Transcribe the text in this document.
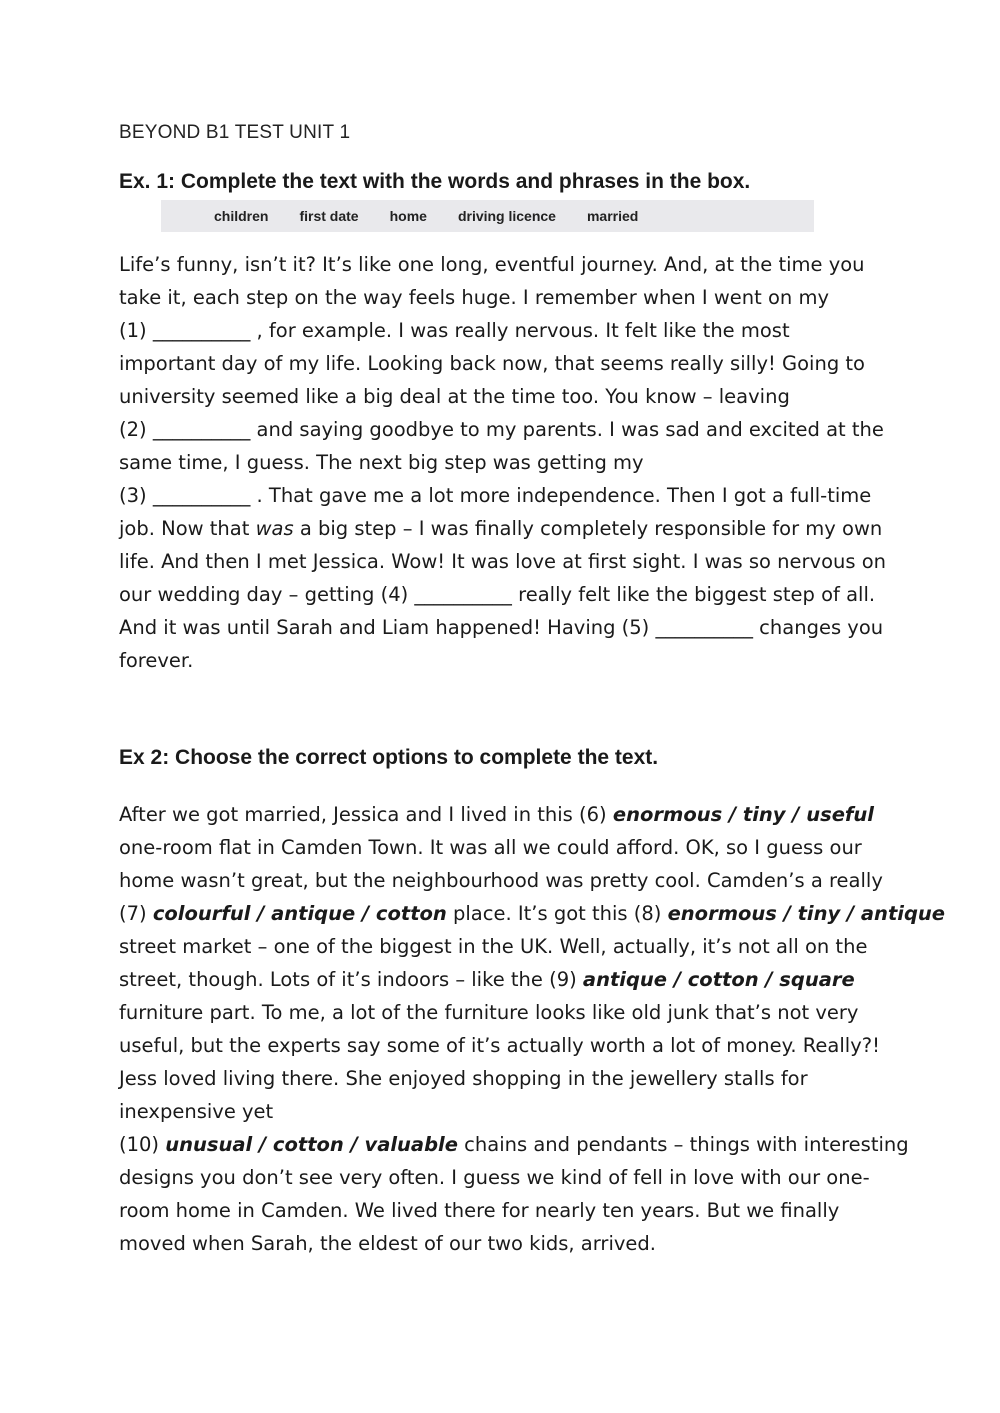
BEYOND B1 TEST UNIT 1
Ex. 1: Complete the text with the words and phrases in the box.
children first date home driving licence married
Life’s funny, isn’t it? It’s like one long, eventful journey. And, at the time you
take it, each step on the way feels huge. I remember when I went on my
(1) __________ , for example. I was really nervous. It felt like the most
important day of my life. Looking back now, that seems really silly! Going to
university seemed like a big deal at the time too. You know – leaving
(2) __________ and saying goodbye to my parents. I was sad and excited at the
same time, I guess. The next big step was getting my
(3) __________ . That gave me a lot more independence. Then I got a full-time
job. Now that was a big step – I was finally completely responsible for my own
life. And then I met Jessica. Wow! It was love at first sight. I was so nervous on
our wedding day – getting (4) __________ really felt like the biggest step of all.
And it was until Sarah and Liam happened! Having (5) __________ changes you
forever.
Ex 2: Choose the correct options to complete the text.
After we got married, Jessica and I lived in this (6) enormous / tiny / useful
one-room flat in Camden Town. It was all we could afford. OK, so I guess our
home wasn’t great, but the neighbourhood was pretty cool. Camden’s a really
(7) colourful / antique / cotton place. It’s got this (8) enormous / tiny / antique
street market – one of the biggest in the UK. Well, actually, it’s not all on the
street, though. Lots of it’s indoors – like the (9) antique / cotton / square
furniture part. To me, a lot of the furniture looks like old junk that’s not very
useful, but the experts say some of it’s actually worth a lot of money. Really?!
Jess loved living there. She enjoyed shopping in the jewellery stalls for
inexpensive yet
(10) unusual / cotton / valuable chains and pendants – things with interesting
designs you don’t see very often. I guess we kind of fell in love with our one-
room home in Camden. We lived there for nearly ten years. But we finally
moved when Sarah, the eldest of our two kids, arrived.
